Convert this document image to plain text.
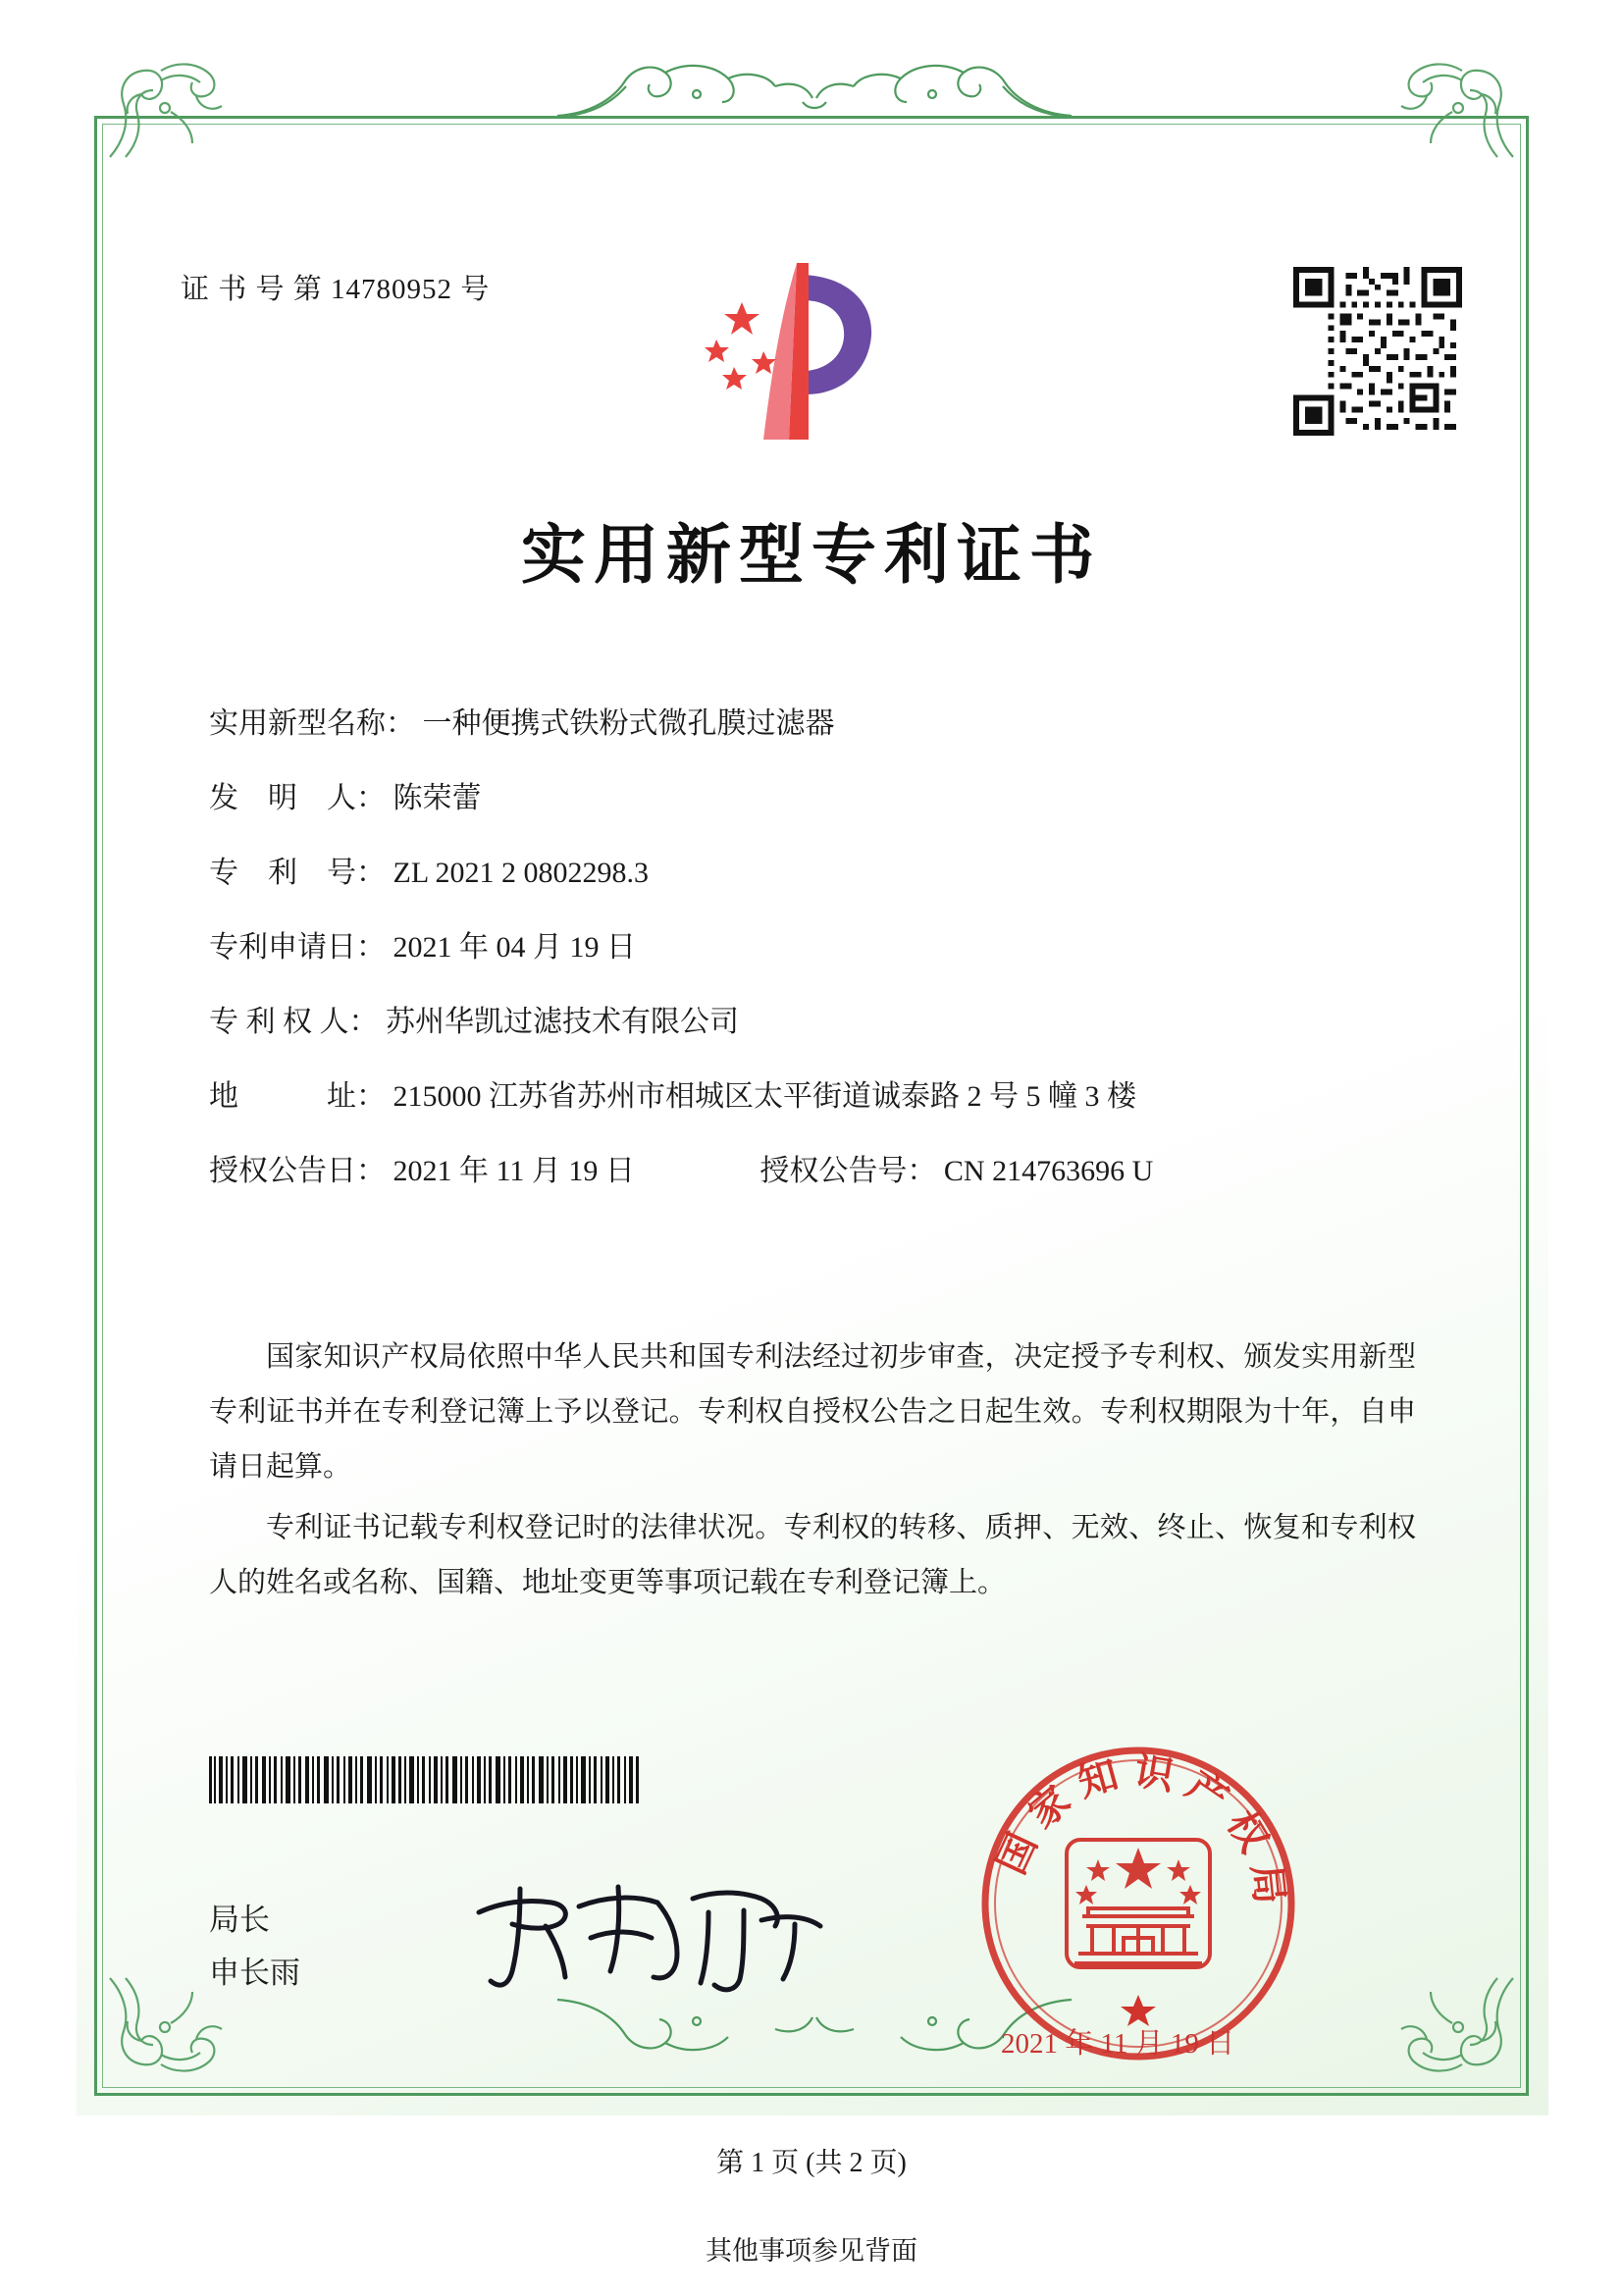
证 书 号 第 14780952 号
实用新型专利证书
实用新型名称： 一种便携式铁粉式微孔膜过滤器
发　明　人： 陈荣蕾
专　利　号： ZL 2021 2 0802298.3
专利申请日： 2021 年 04 月 19 日
专 利 权 人： 苏州华凯过滤技术有限公司
地　　　址： 215000 江苏省苏州市相城区太平街道诚泰路 2 号 5 幢 3 楼
授权公告日： 2021 年 11 月 19 日	授权公告号： CN 214763696 U

国家知识产权局依照中华人民共和国专利法经过初步审查，决定授予专利权、颁发实用新型专利证书并在专利登记簿上予以登记。专利权自授权公告之日起生效。专利权期限为十年，自申请日起算。

专利证书记载专利权登记时的法律状况。专利权的转移、质押、无效、终止、恢复和专利权人的姓名或名称、国籍、地址变更等事项记载在专利登记簿上。

局长
申长雨
国家知识产权局
2021 年 11 月 19 日
第 1 页 (共 2 页)
其他事项参见背面
